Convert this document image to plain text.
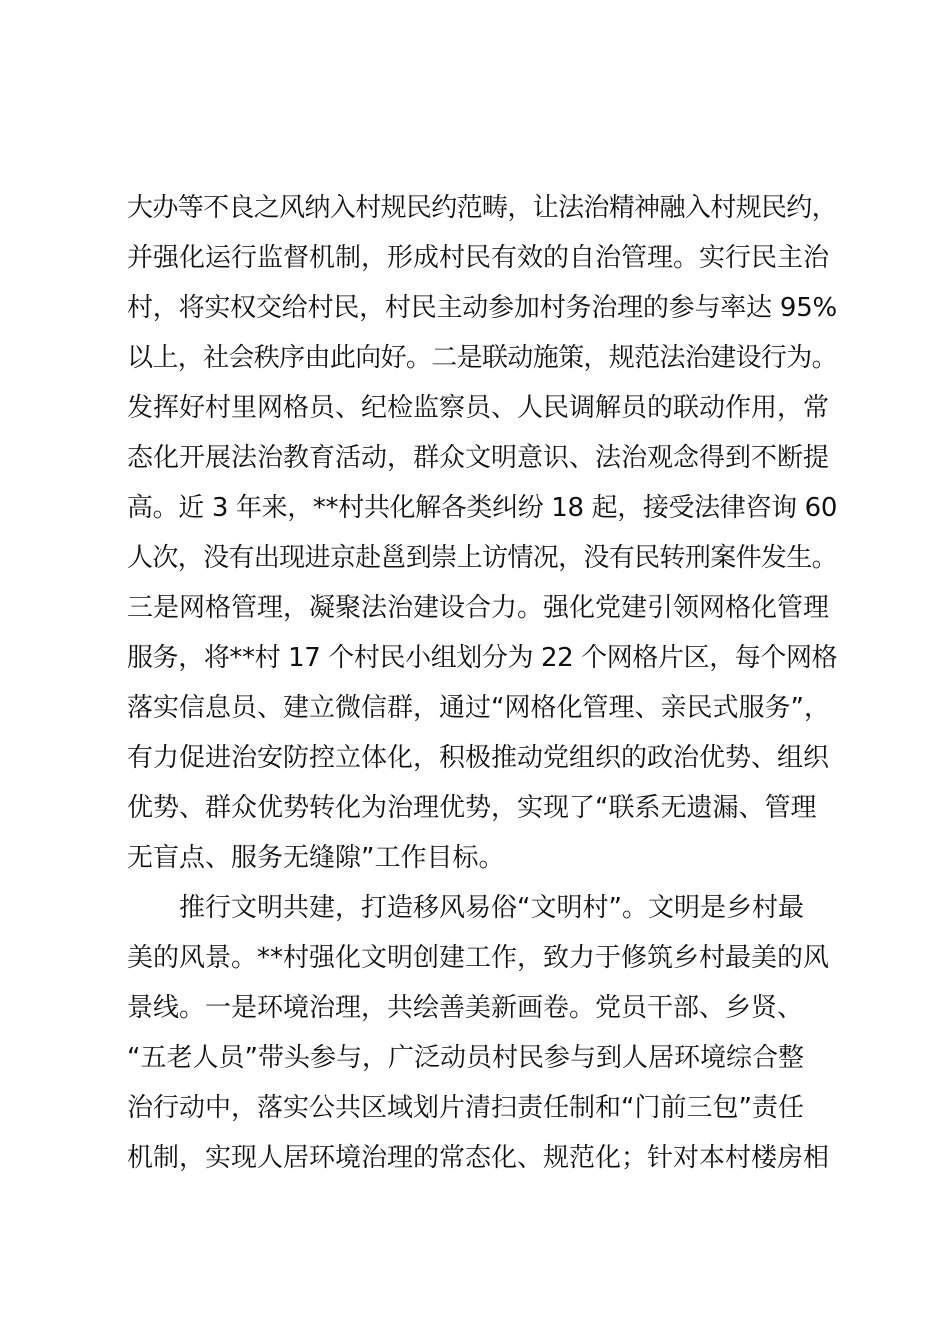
大办等不良之风纳入村规民约范畴，让法治精神融入村规民约，
并强化运行监督机制，形成村民有效的自治管理。实行民主治
村，将实权交给村民，村民主动参加村务治理的参与率达 95%
以上，社会秩序由此向好。二是联动施策，规范法治建设行为。
发挥好村里网格员、纪检监察员、人民调解员的联动作用，常
态化开展法治教育活动，群众文明意识、法治观念得到不断提
高。近 3 年来，**村共化解各类纠纷 18 起，接受法律咨询 60
人次，没有出现进京赴邕到崇上访情况，没有民转刑案件发生。
三是网格管理，凝聚法治建设合力。强化党建引领网格化管理
服务，将**村 17 个村民小组划分为 22 个网格片区，每个网格
落实信息员、建立微信群，通过“网格化管理、亲民式服务”，
有力促进治安防控立体化，积极推动党组织的政治优势、组织
优势、群众优势转化为治理优势，实现了“联系无遗漏、管理
无盲点、服务无缝隙”工作目标。
推行文明共建，打造移风易俗“文明村”。文明是乡村最
美的风景。**村强化文明创建工作，致力于修筑乡村最美的风
景线。一是环境治理，共绘善美新画卷。党员干部、乡贤、
“五老人员”带头参与，广泛动员村民参与到人居环境综合整
治行动中，落实公共区域划片清扫责任制和“门前三包”责任
机制，实现人居环境治理的常态化、规范化；针对本村楼房相
